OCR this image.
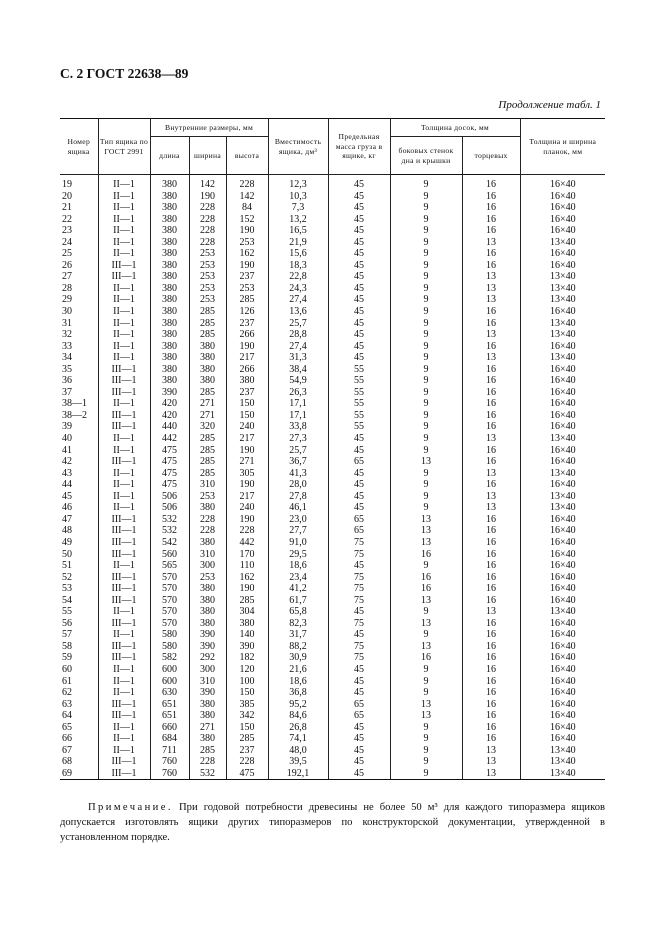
С. 2 ГОСТ 22638—89
Продолжение табл. 1
Номер ящика	Тип ящика по ГОСТ 2991	Внутренние размеры, мм			Вместимость ящика, дм³	Предельная масса груза в ящике, кг	Толщина досок, мм		Толщина и ширина планок, мм
		длина	ширина	высота			боковых стенок дна и крышки	торцевых	
19	II—1	380	142	228	12,3	45	9	16	16×40
20	II—1	380	190	142	10,3	45	9	16	16×40
21	II—1	380	228	84	7,3	45	9	16	16×40
22	II—1	380	228	152	13,2	45	9	16	16×40
23	II—1	380	228	190	16,5	45	9	16	16×40
24	II—1	380	228	253	21,9	45	9	13	13×40
25	II—1	380	253	162	15,6	45	9	16	16×40
26	III—1	380	253	190	18,3	45	9	16	16×40
27	III—1	380	253	237	22,8	45	9	13	13×40
28	II—1	380	253	253	24,3	45	9	13	13×40
29	II—1	380	253	285	27,4	45	9	13	13×40
30	II—1	380	285	126	13,6	45	9	16	16×40
31	II—1	380	285	237	25,7	45	9	16	13×40
32	II—1	380	285	266	28,8	45	9	13	13×40
33	II—1	380	380	190	27,4	45	9	16	16×40
34	II—1	380	380	217	31,3	45	9	13	13×40
35	III—1	380	380	266	38,4	55	9	16	16×40
36	III—1	380	380	380	54,9	55	9	16	16×40
37	III—1	390	285	237	26,3	55	9	16	16×40
38—1	II—1	420	271	150	17,1	55	9	16	16×40
38—2	III—1	420	271	150	17,1	55	9	16	16×40
39	III—1	440	320	240	33,8	55	9	16	16×40
40	II—1	442	285	217	27,3	45	9	13	13×40
41	II—1	475	285	190	25,7	45	9	16	16×40
42	III—1	475	285	271	36,7	65	13	16	16×40
43	II—1	475	285	305	41,3	45	9	13	13×40
44	II—1	475	310	190	28,0	45	9	16	16×40
45	II—1	506	253	217	27,8	45	9	13	13×40
46	II—1	506	380	240	46,1	45	9	13	13×40
47	III—1	532	228	190	23,0	65	13	16	16×40
48	III—1	532	228	228	27,7	65	13	16	16×40
49	III—1	542	380	442	91,0	75	13	16	16×40
50	III—1	560	310	170	29,5	75	16	16	16×40
51	II—1	565	300	110	18,6	45	9	16	16×40
52	III—1	570	253	162	23,4	75	16	16	16×40
53	III—1	570	380	190	41,2	75	16	16	16×40
54	III—1	570	380	285	61,7	75	13	16	16×40
55	II—1	570	380	304	65,8	45	9	13	13×40
56	III—1	570	380	380	82,3	75	13	16	16×40
57	II—1	580	390	140	31,7	45	9	16	16×40
58	III—1	580	390	390	88,2	75	13	16	16×40
59	III—1	582	292	182	30,9	75	16	16	16×40
60	II—1	600	300	120	21,6	45	9	16	16×40
61	II—1	600	310	100	18,6	45	9	16	16×40
62	II—1	630	390	150	36,8	45	9	16	16×40
63	III—1	651	380	385	95,2	65	13	16	16×40
64	III—1	651	380	342	84,6	65	13	16	16×40
65	II—1	660	271	150	26,8	45	9	16	16×40
66	II—1	684	380	285	74,1	45	9	16	16×40
67	II—1	711	285	237	48,0	45	9	13	13×40
68	III—1	760	228	228	39,5	45	9	13	13×40
69	III—1	760	532	475	192,1	45	9	13	13×40
Примечание. При годовой потребности древесины не более 50 м³ для каждого типоразмера ящиков допускается изготовлять ящики других типоразмеров по конструкторской документации, утвержденной в установленном порядке.
